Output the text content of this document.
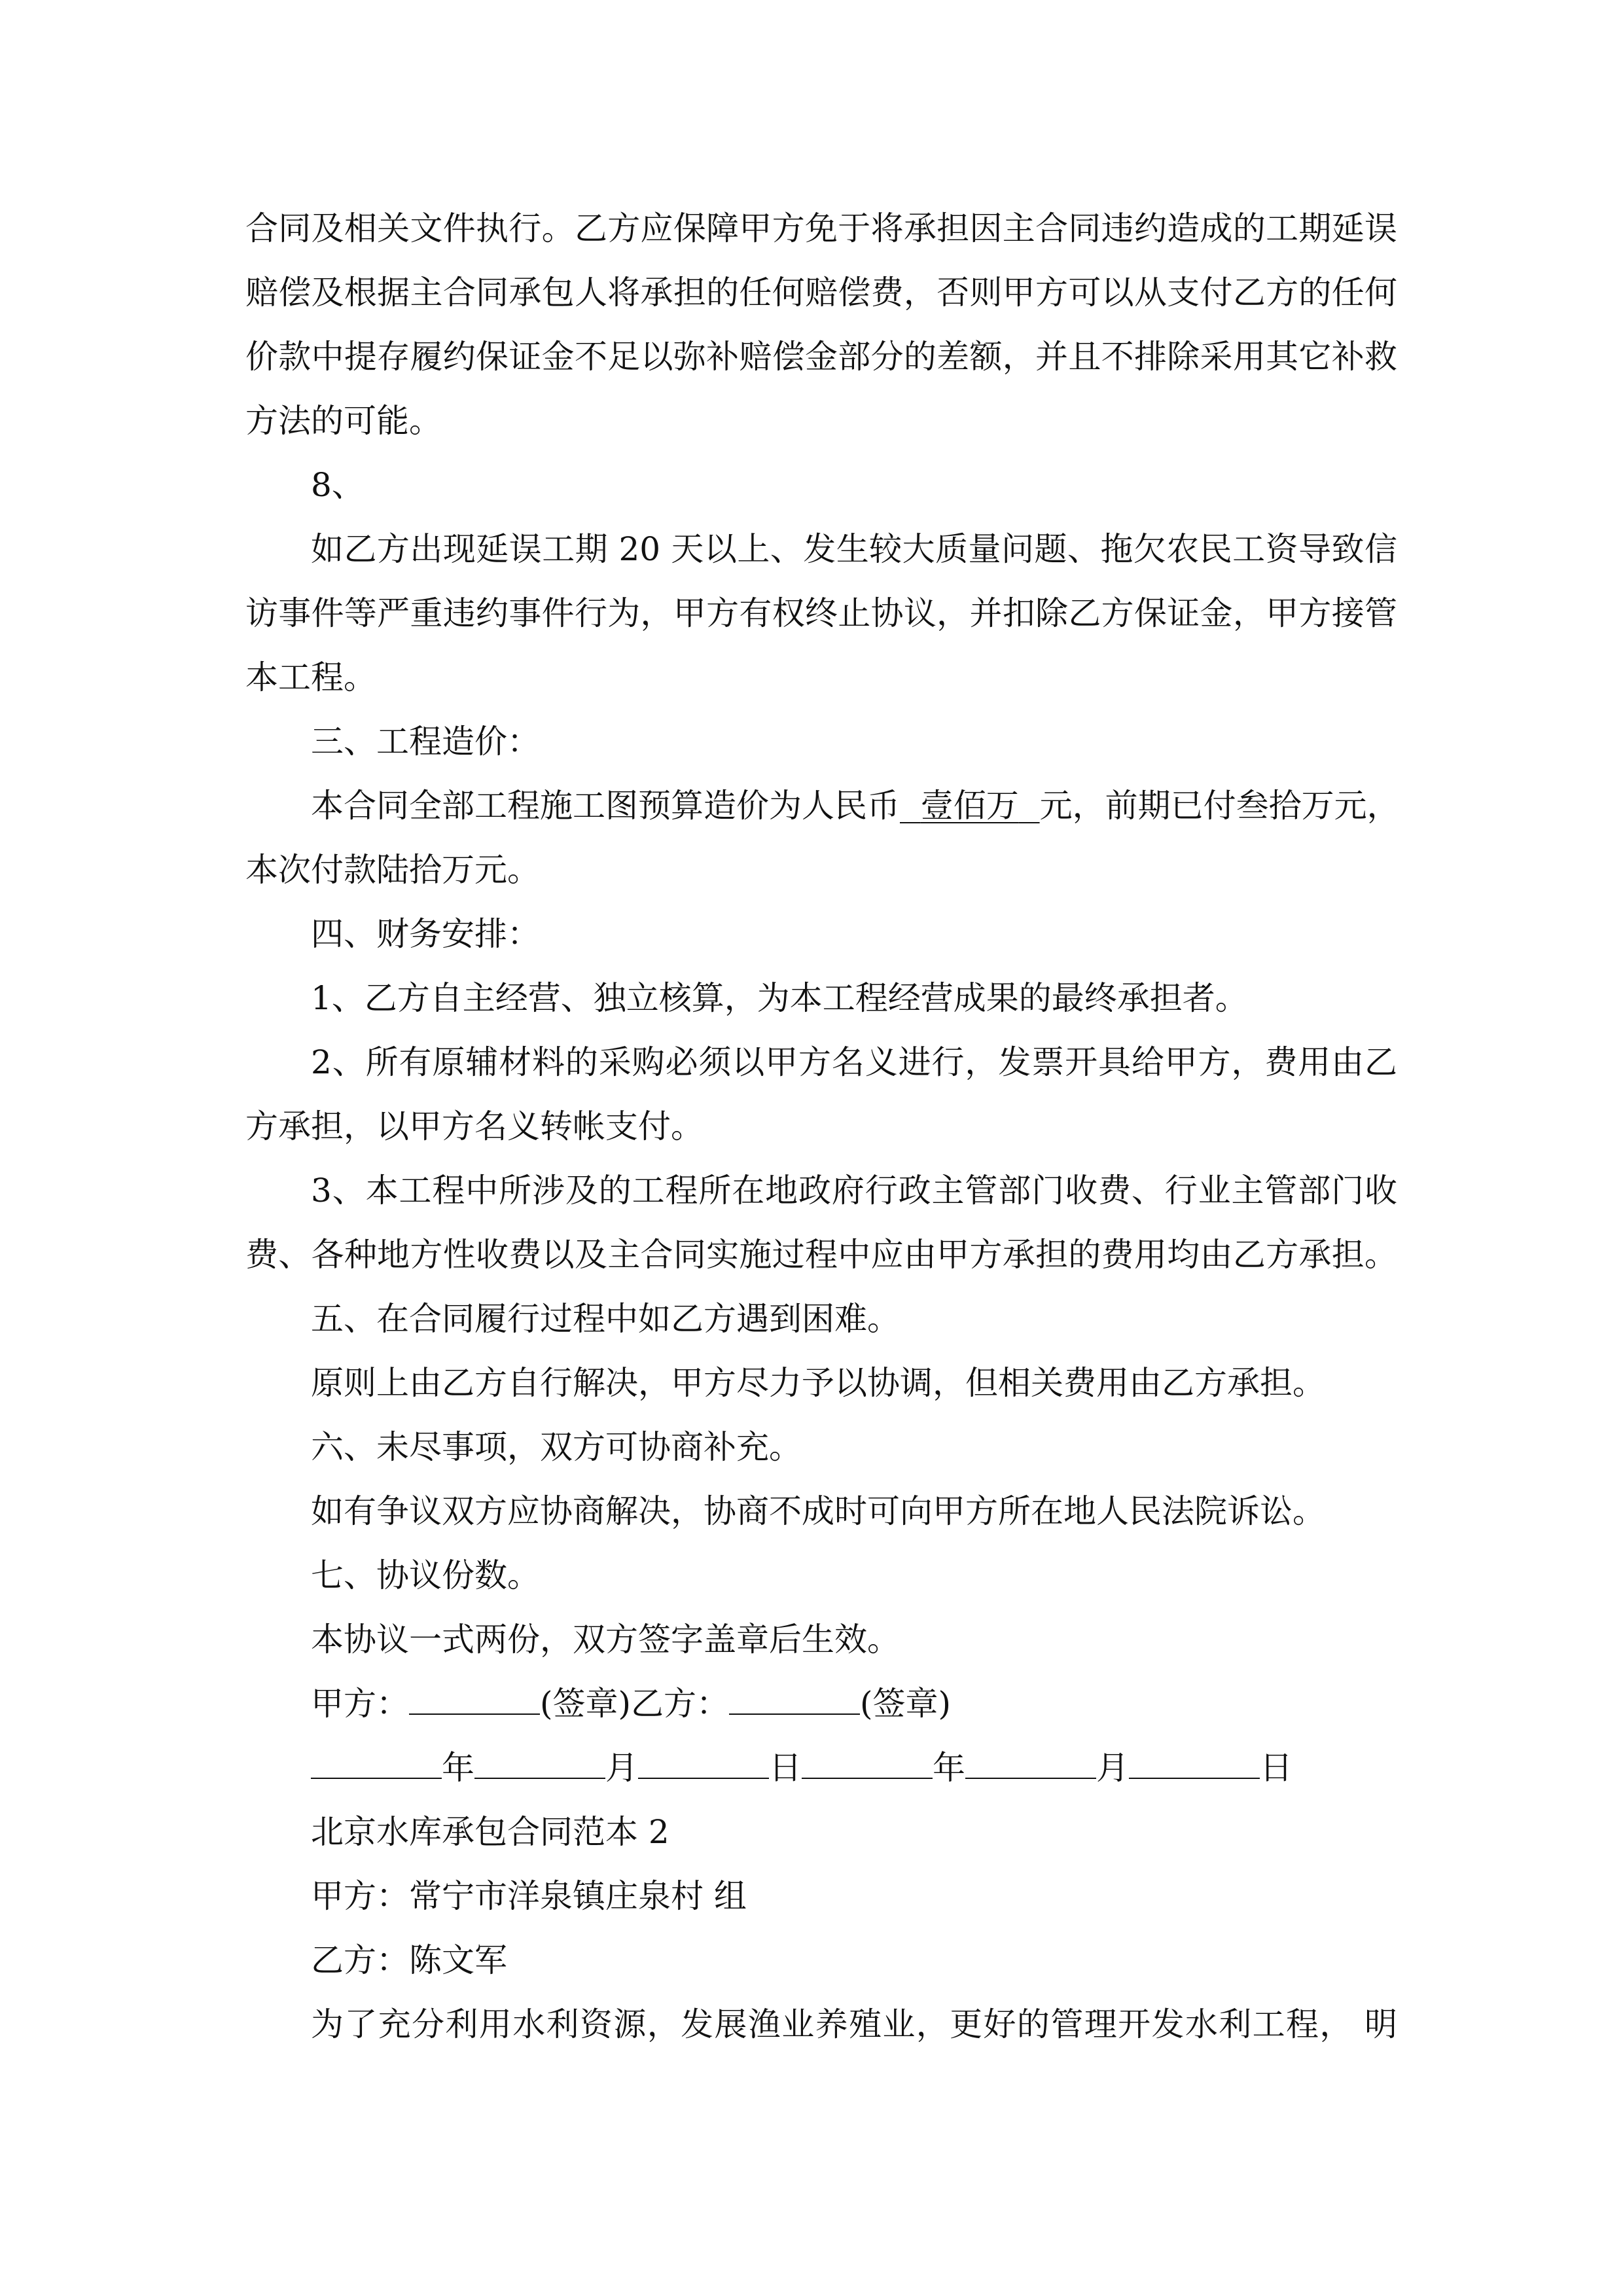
合同及相关文件执行。乙方应保障甲方免于将承担因主合同违约造成的工期延误
赔偿及根据主合同承包人将承担的任何赔偿费，否则甲方可以从支付乙方的任何
价款中提存履约保证金不足以弥补赔偿金部分的差额，并且不排除采用其它补救
方法的可能。
8、
如乙方出现延误工期 20 天以上、发生较大质量问题、拖欠农民工资导致信
访事件等严重违约事件行为，甲方有权终止协议，并扣除乙方保证金，甲方接管
本工程。
三、工程造价：
本合同全部工程施工图预算造价为人民币 壹佰万 元，前期已付叁拾万元，
本次付款陆拾万元。
四、财务安排：
1、乙方自主经营、独立核算，为本工程经营成果的最终承担者。
2、所有原辅材料的采购必须以甲方名义进行，发票开具给甲方，费用由乙
方承担，以甲方名义转帐支付。
3、本工程中所涉及的工程所在地政府行政主管部门收费、行业主管部门收
费、各种地方性收费以及主合同实施过程中应由甲方承担的费用均由乙方承担。
五、在合同履行过程中如乙方遇到困难。
原则上由乙方自行解决，甲方尽力予以协调，但相关费用由乙方承担。
六、未尽事项，双方可协商补充。
如有争议双方应协商解决，协商不成时可向甲方所在地人民法院诉讼。
七、协议份数。
本协议一式两份，双方签字盖章后生效。
甲方：	(签章)乙方：	(签章)
年	月	日	年	月	日
北京水库承包合同范本 2
甲方：常宁市洋泉镇庄泉村 组
乙方：陈文军
为了充分利用水利资源，发展渔业养殖业，更好的管理开发水利工程， 明
